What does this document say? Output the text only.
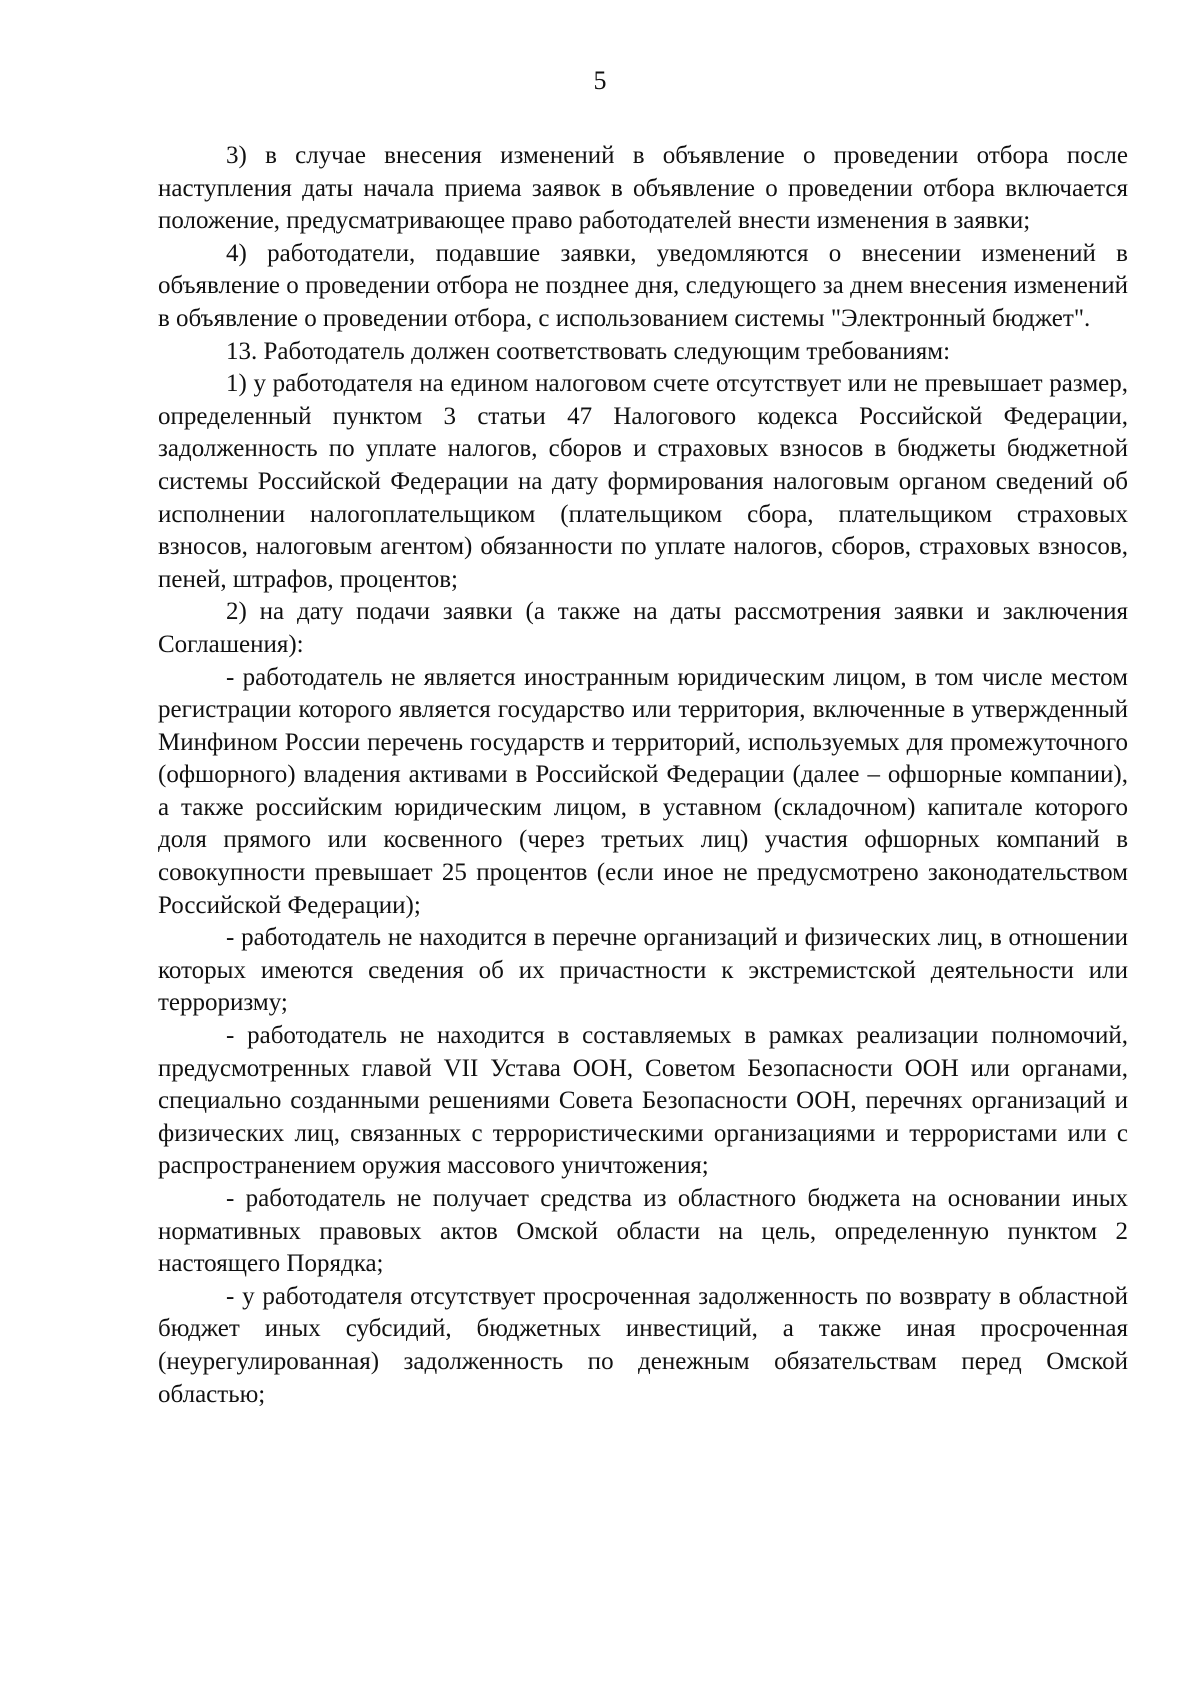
5

3) в случае внесения изменений в объявление о проведении отбора после наступления даты начала приема заявок в объявление о проведении отбора включается положение, предусматривающее право работодателей внести изменения в заявки;

4) работодатели, подавшие заявки, уведомляются о внесении изменений в объявление о проведении отбора не позднее дня, следующего за днем внесения изменений в объявление о проведении отбора, с использованием системы "Электронный бюджет".

13. Работодатель должен соответствовать следующим требованиям:

1) у работодателя на едином налоговом счете отсутствует или не превышает размер, определенный пунктом 3 статьи 47 Налогового кодекса Российской Федерации, задолженность по уплате налогов, сборов и страховых взносов в бюджеты бюджетной системы Российской Федерации на дату формирования налоговым органом сведений об исполнении налогоплательщиком (плательщиком сбора, плательщиком страховых взносов, налоговым агентом) обязанности по уплате налогов, сборов, страховых взносов, пеней, штрафов, процентов;

2) на дату подачи заявки (а также на даты рассмотрения заявки и заключения Соглашения):

- работодатель не является иностранным юридическим лицом, в том числе местом регистрации которого является государство или территория, включенные в утвержденный Минфином России перечень государств и территорий, используемых для промежуточного (офшорного) владения активами в Российской Федерации (далее – офшорные компании), а также российским юридическим лицом, в уставном (складочном) капитале которого доля прямого или косвенного (через третьих лиц) участия офшорных компаний в совокупности превышает 25 процентов (если иное не предусмотрено законодательством Российской Федерации);

- работодатель не находится в перечне организаций и физических лиц, в отношении которых имеются сведения об их причастности к экстремистской деятельности или терроризму;

- работодатель не находится в составляемых в рамках реализации полномочий, предусмотренных главой VII Устава ООН, Советом Безопасности ООН или органами, специально созданными решениями Совета Безопасности ООН, перечнях организаций и физических лиц, связанных с террористическими организациями и террористами или с распространением оружия массового уничтожения;

- работодатель не получает средства из областного бюджета на основании иных нормативных правовых актов Омской области на цель, определенную пунктом 2 настоящего Порядка;

- у работодателя отсутствует просроченная задолженность по возврату в областной бюджет иных субсидий, бюджетных инвестиций, а также иная просроченная (неурегулированная) задолженность по денежным обязательствам перед Омской областью;
